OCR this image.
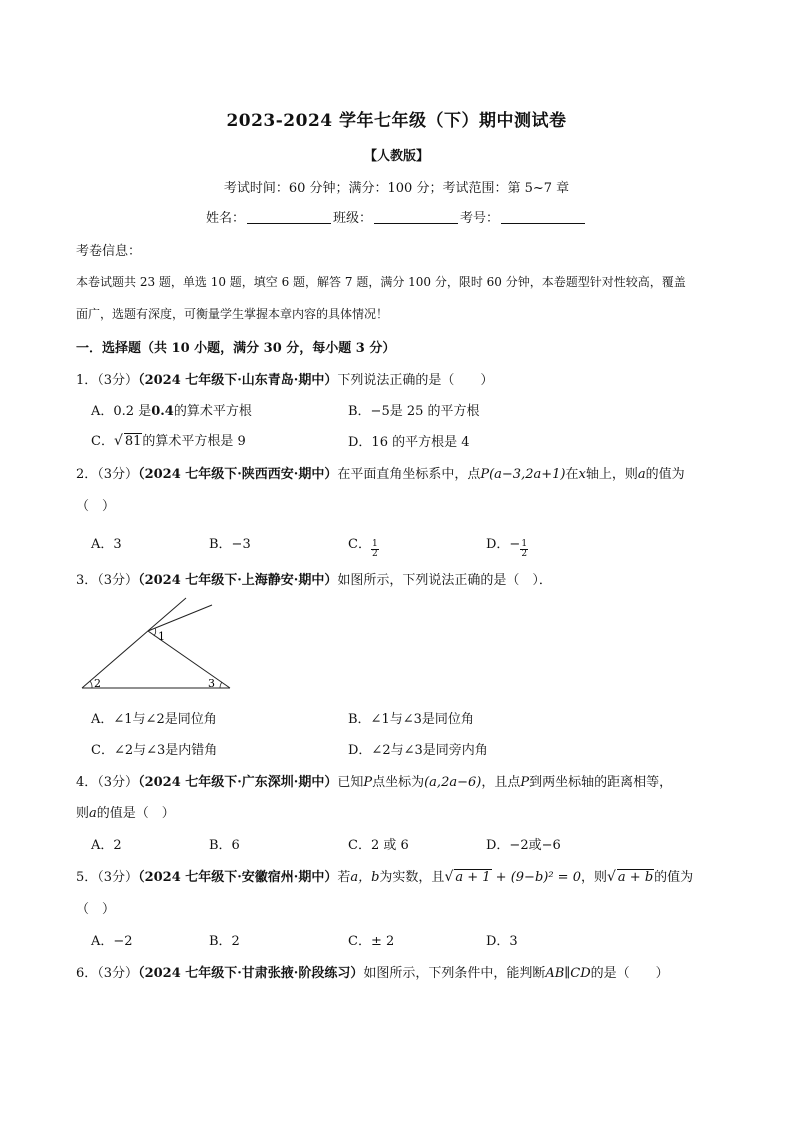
2023-2024 学年七年级（下）期中测试卷
【人教版】
考试时间：60 分钟；满分：100 分；考试范围：第 5~7 章
姓名：	班级：	考号：
考卷信息：
本卷试题共 23 题，单选 10 题，填空 6 题，解答 7 题，满分 100 分，限时 60 分钟，本卷题型针对性较高，覆盖
面广，选题有深度，可衡量学生掌握本章内容的具体情况！
一．选择题（共 10 小题，满分 30 分，每小题 3 分）
1．（3分）（2024 七年级下·山东青岛·期中）下列说法正确的是（　　）
A．0.2 是0.4的算术平方根	B．−5是 25 的平方根
C．√ 81的算术平方根是 9	D．16 的平方根是 4
2．（3分）（2024 七年级下·陕西西安·期中）在平面直角坐标系中，点P(a−3,2a+1)在x轴上，则a的值为
（　）
A．3	B．−3	C． $\frac{1}{2}$	D．− $\frac{1}{2}$
3．（3分）（2024 七年级下·上海静安·期中）如图所示，下列说法正确的是（　）．
1
2	3
A．∠1与∠2是同位角	B．∠1与∠3是同位角
C．∠2与∠3是内错角	D．∠2与∠3是同旁内角
4．（3分）（2024 七年级下·广东深圳·期中）已知P点坐标为(a,2a−6)，且点P到两坐标轴的距离相等，
则a的值是（　）
A．2	B．6	C．2 或 6	D．−2或−6
5．（3分）（2024 七年级下·安徽宿州·期中）若a，b为实数，且√ a + 1 + (9−b)² = 0，则√ a + b的值为
（　）
A．−2	B．2	C．± 2	D．3
6．（3分）（2024 七年级下·甘肃张掖·阶段练习）如图所示，下列条件中，能判断AB∥CD的是（　　）
